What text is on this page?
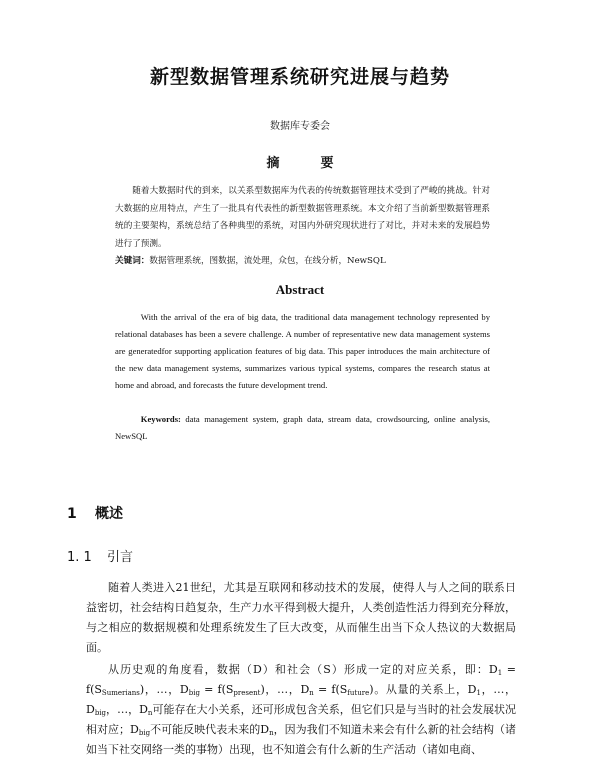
新型数据管理系统研究进展与趋势
数据库专委会
摘　要
随着大数据时代的到来，以关系型数据库为代表的传统数据管理技术受到了严峻的挑战。针对大数据的应用特点，产生了一批具有代表性的新型数据管理系统。本文介绍了当前新型数据管理系统的主要架构，系统总结了各种典型的系统，对国内外研究现状进行了对比，并对未来的发展趋势进行了预测。
关键词：数据管理系统，图数据，流处理，众包，在线分析，NewSQL
Abstract
With the arrival of the era of big data, the traditional data management technology represented by relational databases has been a severe challenge. A number of representative new data management systems are generatedfor supporting application features of big data. This paper introduces the main architecture of the new data management systems, summarizes various typical systems, compares the research status at home and abroad, and forecasts the future development trend.
Keywords: data management system, graph data, stream data, crowdsourcing, online analysis, NewSQL
1 概述
1. 1 引言
随着人类进入21世纪，尤其是互联网和移动技术的发展，使得人与人之间的联系日益密切，社会结构日趋复杂，生产力水平得到极大提升，人类创造性活力得到充分释放，与之相应的数据规模和处理系统发生了巨大改变，从而催生出当下众人热议的大数据局面。
从历史观的角度看，数据（D）和社会（S）形成一定的对应关系，即：$D_1 = f(S_{Sumerians})$，…，$D_{big} = f(S_{present})$，…，$D_n = f(S_{future})$。从量的关系上，$D_1$，…，$D_{big}$，…，$D_n$可能存在大小关系，还可形成包含关系，但它们只是与当时的社会发展状况相对应；$D_{big}$不可能反映代表未来的$D_n$，因为我们不知道未来会有什么新的社会结构（诸如当下社交网络一类的事物）出现，也不知道会有什么新的生产活动（诸如电商、
